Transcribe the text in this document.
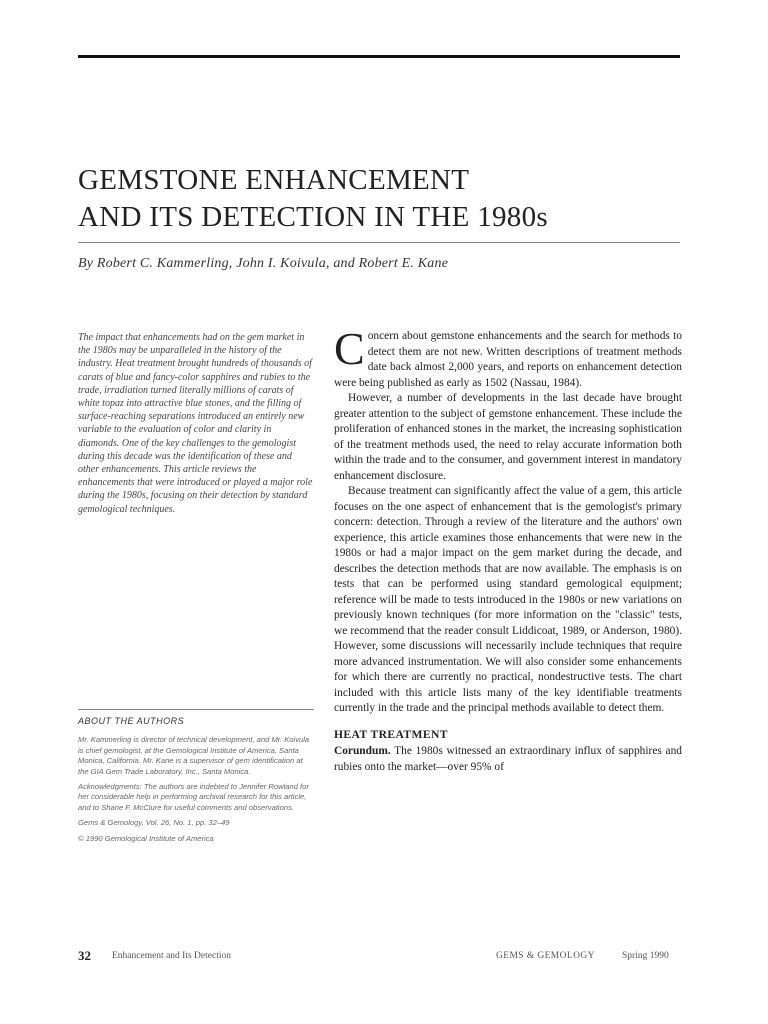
GEMSTONE ENHANCEMENT
AND ITS DETECTION IN THE 1980s
By Robert C. Kammerling, John I. Koivula, and Robert E. Kane

The impact that enhancements had on the gem market in the 1980s may be unparalleled in the history of the industry. Heat treatment brought hundreds of thousands of carats of blue and fancy-color sapphires and rubies to the trade, irradiation turned literally millions of carats of white topaz into attractive blue stones, and the filling of surface-reaching separations introduced an entirely new variable to the evaluation of color and clarity in diamonds. One of the key challenges to the gemologist during this decade was the identification of these and other enhancements. This article reviews the enhancements that were introduced or played a major role during the 1980s, focusing on their detection by standard gemological techniques.

ABOUT THE AUTHORS

Mr. Kammerling is director of technical development, and Mr. Koivula is chief gemologist, at the Gemological Institute of America, Santa Monica, California. Mr. Kane is a supervisor of gem identification at the GIA Gem Trade Laboratory, Inc., Santa Monica.

Acknowledgments: The authors are indebted to Jennifer Rowland for her considerable help in performing archival research for this article, and to Shane F. McClure for useful comments and observations.

Gems & Gemology, Vol. 26, No. 1, pp. 32–49

© 1990 Gemological Institute of America

Concern about gemstone enhancements and the search for methods to detect them are not new. Written descriptions of treatment methods date back almost 2,000 years, and reports on enhancement detection were being published as early as 1502 (Nassau, 1984).

However, a number of developments in the last decade have brought greater attention to the subject of gemstone enhancement. These include the proliferation of enhanced stones in the market, the increasing sophistication of the treatment methods used, the need to relay accurate information both within the trade and to the consumer, and government interest in mandatory enhancement disclosure.

Because treatment can significantly affect the value of a gem, this article focuses on the one aspect of enhancement that is the gemologist's primary concern: detection. Through a review of the literature and the authors' own experience, this article examines those enhancements that were new in the 1980s or had a major impact on the gem market during the decade, and describes the detection methods that are now available. The emphasis is on tests that can be performed using standard gemological equipment; reference will be made to tests introduced in the 1980s or new variations on previously known techniques (for more information on the "classic" tests, we recommend that the reader consult Liddicoat, 1989, or Anderson, 1980). However, some discussions will necessarily include techniques that require more advanced instrumentation. We will also consider some enhancements for which there are currently no practical, nondestructive tests. The chart included with this article lists many of the key identifiable treatments currently in the trade and the principal methods available to detect them.

HEAT TREATMENT

Corundum. The 1980s witnessed an extraordinary influx of sapphires and rubies onto the market—over 95% of

32 Enhancement and Its Detection	GEMS & GEMOLOGY	Spring 1990
